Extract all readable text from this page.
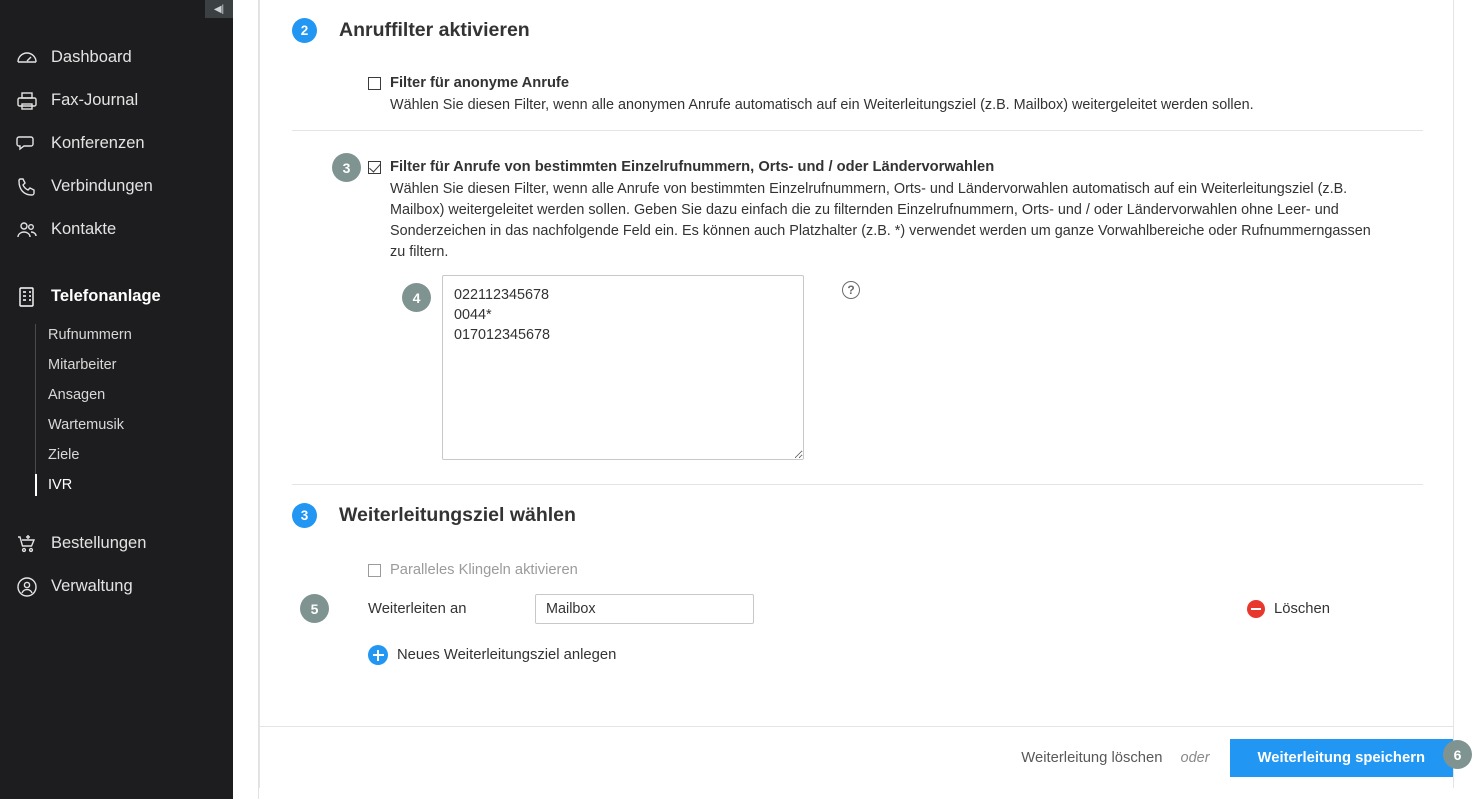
◀|
Dashboard
Fax-Journal
Konferenzen
Verbindungen
Kontakte
Telefonanlage
Rufnummern
Mitarbeiter
Ansagen
Wartemusik
Ziele
IVR
Bestellungen
Verwaltung
2	Anruffilter aktivieren
Filter für anonyme Anrufe
Wählen Sie diesen Filter, wenn alle anonymen Anrufe automatisch auf ein Weiterleitungsziel (z.B. Mailbox) weitergeleitet werden sollen.
3	Filter für Anrufe von bestimmten Einzelrufnummern, Orts- und / oder Ländervorwahlen
Wählen Sie diesen Filter, wenn alle Anrufe von bestimmten Einzelrufnummern, Orts- und Ländervorwahlen automatisch auf ein Weiterleitungsziel (z.B. Mailbox) weitergeleitet werden sollen. Geben Sie dazu einfach die zu filternden Einzelrufnummern, Orts- und / oder Ländervorwahlen ohne Leer- und Sonderzeichen in das nachfolgende Feld ein. Es können auch Platzhalter (z.B. *) verwendet werden um ganze Vorwahlbereiche oder Rufnummerngassen zu filtern.
4
022112345678 0044* 017012345678	?
3	Weiterleitungsziel wählen
Paralleles Klingeln aktivieren
5	Weiterleiten an	Mailbox	Löschen
Neues Weiterleitungsziel anlegen
Weiterleitung löschen oder	Weiterleitung speichern	6
